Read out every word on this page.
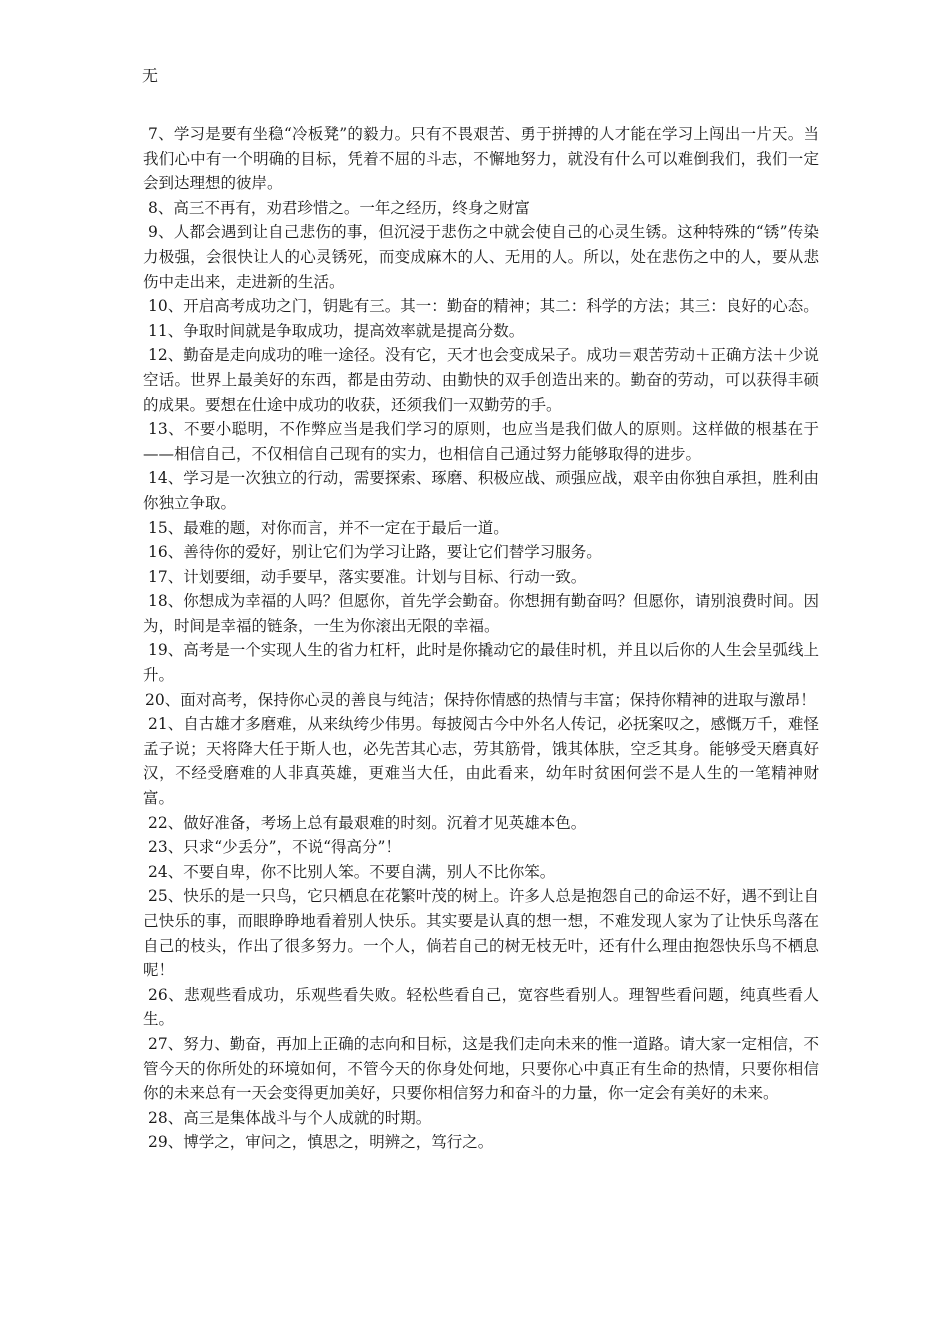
无

7、学习是要有坐稳“冷板凳”的毅力。只有不畏艰苦、勇于拼搏的人才能在学习上闯出一片天。当我们心中有一个明确的目标，凭着不屈的斗志，不懈地努力，就没有什么可以难倒我们，我们一定会到达理想的彼岸。

8、高三不再有，劝君珍惜之。一年之经历，终身之财富

9、人都会遇到让自己悲伤的事，但沉浸于悲伤之中就会使自己的心灵生锈。这种特殊的“锈”传染力极强，会很快让人的心灵锈死，而变成麻木的人、无用的人。所以，处在悲伤之中的人，要从悲伤中走出来，走进新的生活。

10、开启高考成功之门，钥匙有三。其一：勤奋的精神；其二：科学的方法；其三：良好的心态。

11、争取时间就是争取成功，提高效率就是提高分数。

12、勤奋是走向成功的唯一途径。没有它，天才也会变成呆子。成功＝艰苦劳动＋正确方法＋少说空话。世界上最美好的东西，都是由劳动、由勤快的双手创造出来的。勤奋的劳动，可以获得丰硕的成果。要想在仕途中成功的收获，还须我们一双勤劳的手。

13、不要小聪明，不作弊应当是我们学习的原则，也应当是我们做人的原则。这样做的根基在于——相信自己，不仅相信自己现有的实力，也相信自己通过努力能够取得的进步。

14、学习是一次独立的行动，需要探索、琢磨、积极应战、顽强应战，艰辛由你独自承担，胜利由你独立争取。

15、最难的题，对你而言，并不一定在于最后一道。

16、善待你的爱好，别让它们为学习让路，要让它们替学习服务。

17、计划要细，动手要早，落实要准。计划与目标、行动一致。

18、你想成为幸福的人吗？但愿你，首先学会勤奋。你想拥有勤奋吗？但愿你，请别浪费时间。因为，时间是幸福的链条，一生为你滚出无限的幸福。

19、高考是一个实现人生的省力杠杆，此时是你撬动它的最佳时机，并且以后你的人生会呈弧线上升。

20、面对高考，保持你心灵的善良与纯洁；保持你情感的热情与丰富；保持你精神的进取与激昂！

21、自古雄才多磨难，从来纨绔少伟男。每披阅古今中外名人传记，必抚案叹之，感慨万千，难怪孟子说；天将降大任于斯人也，必先苦其心志，劳其筋骨，饿其体肤，空乏其身。能够受天磨真好汉，不经受磨难的人非真英雄，更难当大任，由此看来，幼年时贫困何尝不是人生的一笔精神财富。

22、做好准备，考场上总有最艰难的时刻。沉着才见英雄本色。

23、只求“少丢分”，不说“得高分”！

24、不要自卑，你不比别人笨。不要自满，别人不比你笨。

25、快乐的是一只鸟，它只栖息在花繁叶茂的树上。许多人总是抱怨自己的命运不好，遇不到让自己快乐的事，而眼睁睁地看着别人快乐。其实要是认真的想一想，不难发现人家为了让快乐鸟落在自己的枝头，作出了很多努力。一个人，倘若自己的树无枝无叶，还有什么理由抱怨快乐鸟不栖息呢！

26、悲观些看成功，乐观些看失败。轻松些看自己，宽容些看别人。理智些看问题，纯真些看人生。

27、努力、勤奋，再加上正确的志向和目标，这是我们走向未来的惟一道路。请大家一定相信，不管今天的你所处的环境如何，不管今天的你身处何地，只要你心中真正有生命的热情，只要你相信你的未来总有一天会变得更加美好，只要你相信努力和奋斗的力量，你一定会有美好的未来。

28、高三是集体战斗与个人成就的时期。

29、博学之，审问之，慎思之，明辨之，笃行之。
